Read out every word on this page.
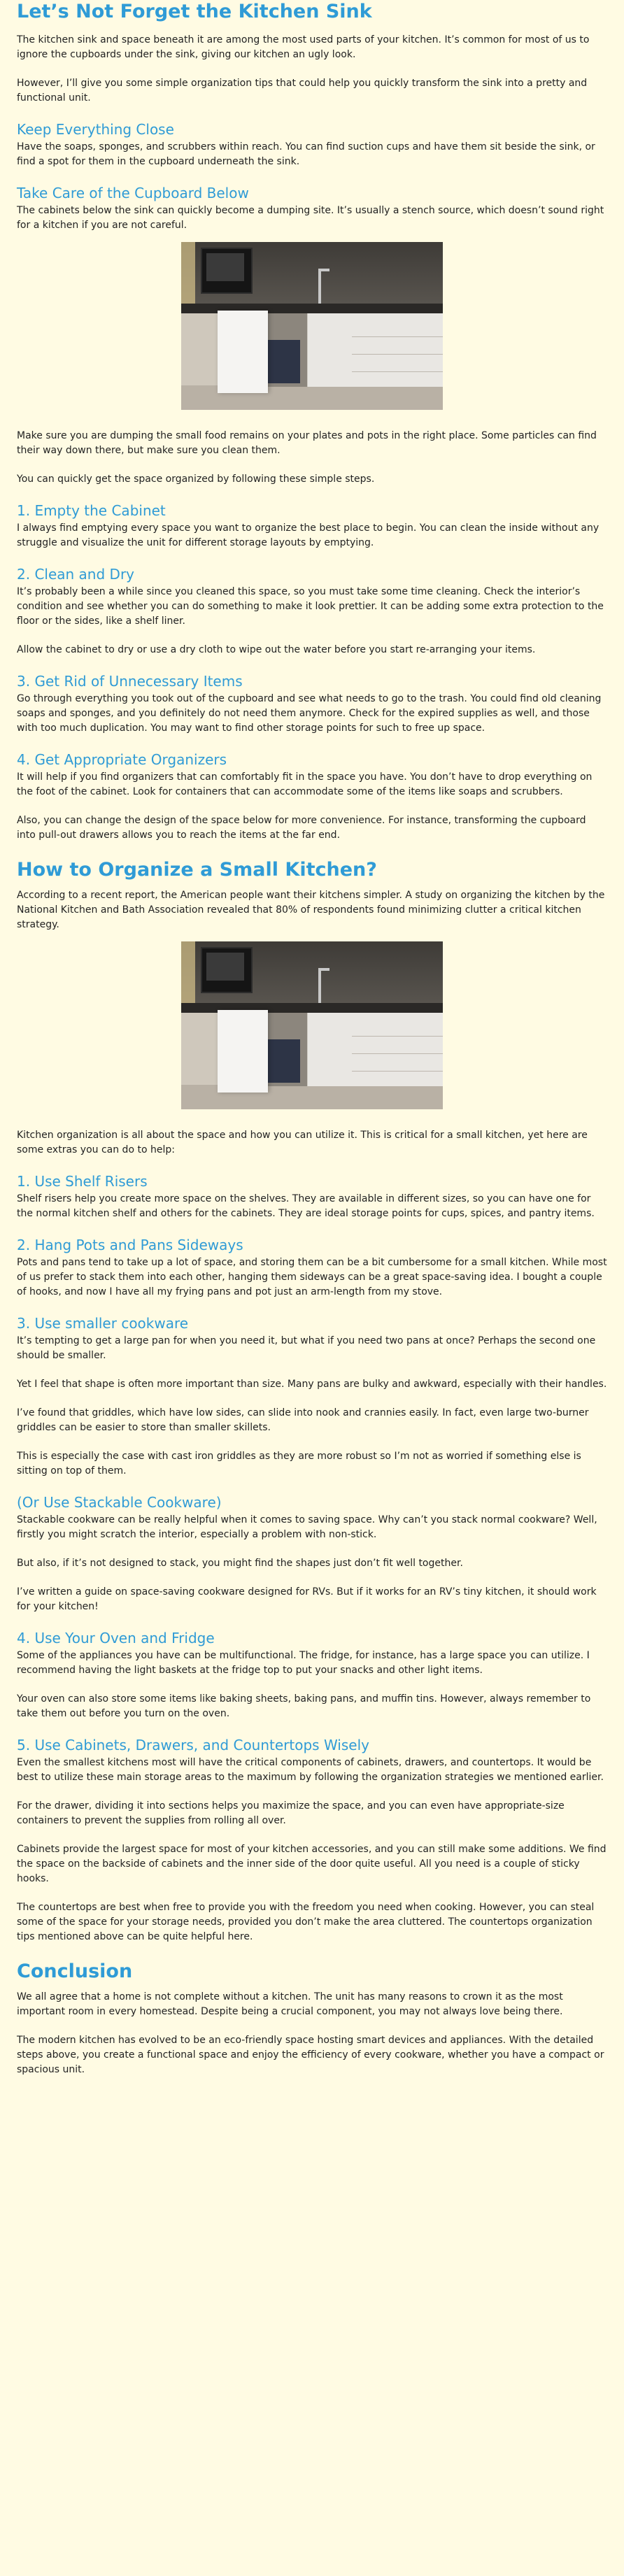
Let’s Not Forget the Kitchen Sink

The kitchen sink and space beneath it are among the most used parts of your kitchen. It’s common for most of us to ignore the cupboards under the sink, giving our kitchen an ugly look.

However, I’ll give you some simple organization tips that could help you quickly transform the sink into a pretty and functional unit.

Keep Everything Close

Have the soaps, sponges, and scrubbers within reach. You can find suction cups and have them sit beside the sink, or find a spot for them in the cupboard underneath the sink.

Take Care of the Cupboard Below

The cabinets below the sink can quickly become a dumping site. It’s usually a stench source, which doesn’t sound right for a kitchen if you are not careful.

Make sure you are dumping the small food remains on your plates and pots in the right place. Some particles can find their way down there, but make sure you clean them.

You can quickly get the space organized by following these simple steps.

1. Empty the Cabinet

I always find emptying every space you want to organize the best place to begin. You can clean the inside without any struggle and visualize the unit for different storage layouts by emptying.

2. Clean and Dry

It’s probably been a while since you cleaned this space, so you must take some time cleaning. Check the interior’s condition and see whether you can do something to make it look prettier. It can be adding some extra protection to the floor or the sides, like a shelf liner.

Allow the cabinet to dry or use a dry cloth to wipe out the water before you start re-arranging your items.

3. Get Rid of Unnecessary Items

Go through everything you took out of the cupboard and see what needs to go to the trash. You could find old cleaning soaps and sponges, and you definitely do not need them anymore. Check for the expired supplies as well, and those with too much duplication. You may want to find other storage points for such to free up space.

4. Get Appropriate Organizers

It will help if you find organizers that can comfortably fit in the space you have. You don’t have to drop everything on the foot of the cabinet. Look for containers that can accommodate some of the items like soaps and scrubbers.

Also, you can change the design of the space below for more convenience. For instance, transforming the cupboard into pull-out drawers allows you to reach the items at the far end.

How to Organize a Small Kitchen?

According to a recent report, the American people want their kitchens simpler. A study on organizing the kitchen by the National Kitchen and Bath Association revealed that 80% of respondents found minimizing clutter a critical kitchen strategy.

Kitchen organization is all about the space and how you can utilize it. This is critical for a small kitchen, yet here are some extras you can do to help:

1. Use Shelf Risers

Shelf risers help you create more space on the shelves. They are available in different sizes, so you can have one for the normal kitchen shelf and others for the cabinets. They are ideal storage points for cups, spices, and pantry items.

2. Hang Pots and Pans Sideways

Pots and pans tend to take up a lot of space, and storing them can be a bit cumbersome for a small kitchen. While most of us prefer to stack them into each other, hanging them sideways can be a great space-saving idea. I bought a couple of hooks, and now I have all my frying pans and pot just an arm-length from my stove.

3. Use smaller cookware

It’s tempting to get a large pan for when you need it, but what if you need two pans at once? Perhaps the second one should be smaller.

Yet I feel that shape is often more important than size. Many pans are bulky and awkward, especially with their handles.

I’ve found that griddles, which have low sides, can slide into nook and crannies easily. In fact, even large two-burner griddles can be easier to store than smaller skillets.

This is especially the case with cast iron griddles as they are more robust so I’m not as worried if something else is sitting on top of them.

(Or Use Stackable Cookware)

Stackable cookware can be really helpful when it comes to saving space. Why can’t you stack normal cookware? Well, firstly you might scratch the interior, especially a problem with non-stick.

But also, if it’s not designed to stack, you might find the shapes just don’t fit well together.

I’ve written a guide on space-saving cookware designed for RVs. But if it works for an RV’s tiny kitchen, it should work for your kitchen!

4. Use Your Oven and Fridge

Some of the appliances you have can be multifunctional. The fridge, for instance, has a large space you can utilize. I recommend having the light baskets at the fridge top to put your snacks and other light items.

Your oven can also store some items like baking sheets, baking pans, and muffin tins. However, always remember to take them out before you turn on the oven.

5. Use Cabinets, Drawers, and Countertops Wisely

Even the smallest kitchens most will have the critical components of cabinets, drawers, and countertops. It would be best to utilize these main storage areas to the maximum by following the organization strategies we mentioned earlier.

For the drawer, dividing it into sections helps you maximize the space, and you can even have appropriate-size containers to prevent the supplies from rolling all over.

Cabinets provide the largest space for most of your kitchen accessories, and you can still make some additions. We find the space on the backside of cabinets and the inner side of the door quite useful. All you need is a couple of sticky hooks.

The countertops are best when free to provide you with the freedom you need when cooking. However, you can steal some of the space for your storage needs, provided you don’t make the area cluttered. The countertops organization tips mentioned above can be quite helpful here.

Conclusion

We all agree that a home is not complete without a kitchen. The unit has many reasons to crown it as the most important room in every homestead. Despite being a crucial component, you may not always love being there.

The modern kitchen has evolved to be an eco-friendly space hosting smart devices and appliances. With the detailed steps above, you create a functional space and enjoy the efficiency of every cookware, whether you have a compact or spacious unit.
